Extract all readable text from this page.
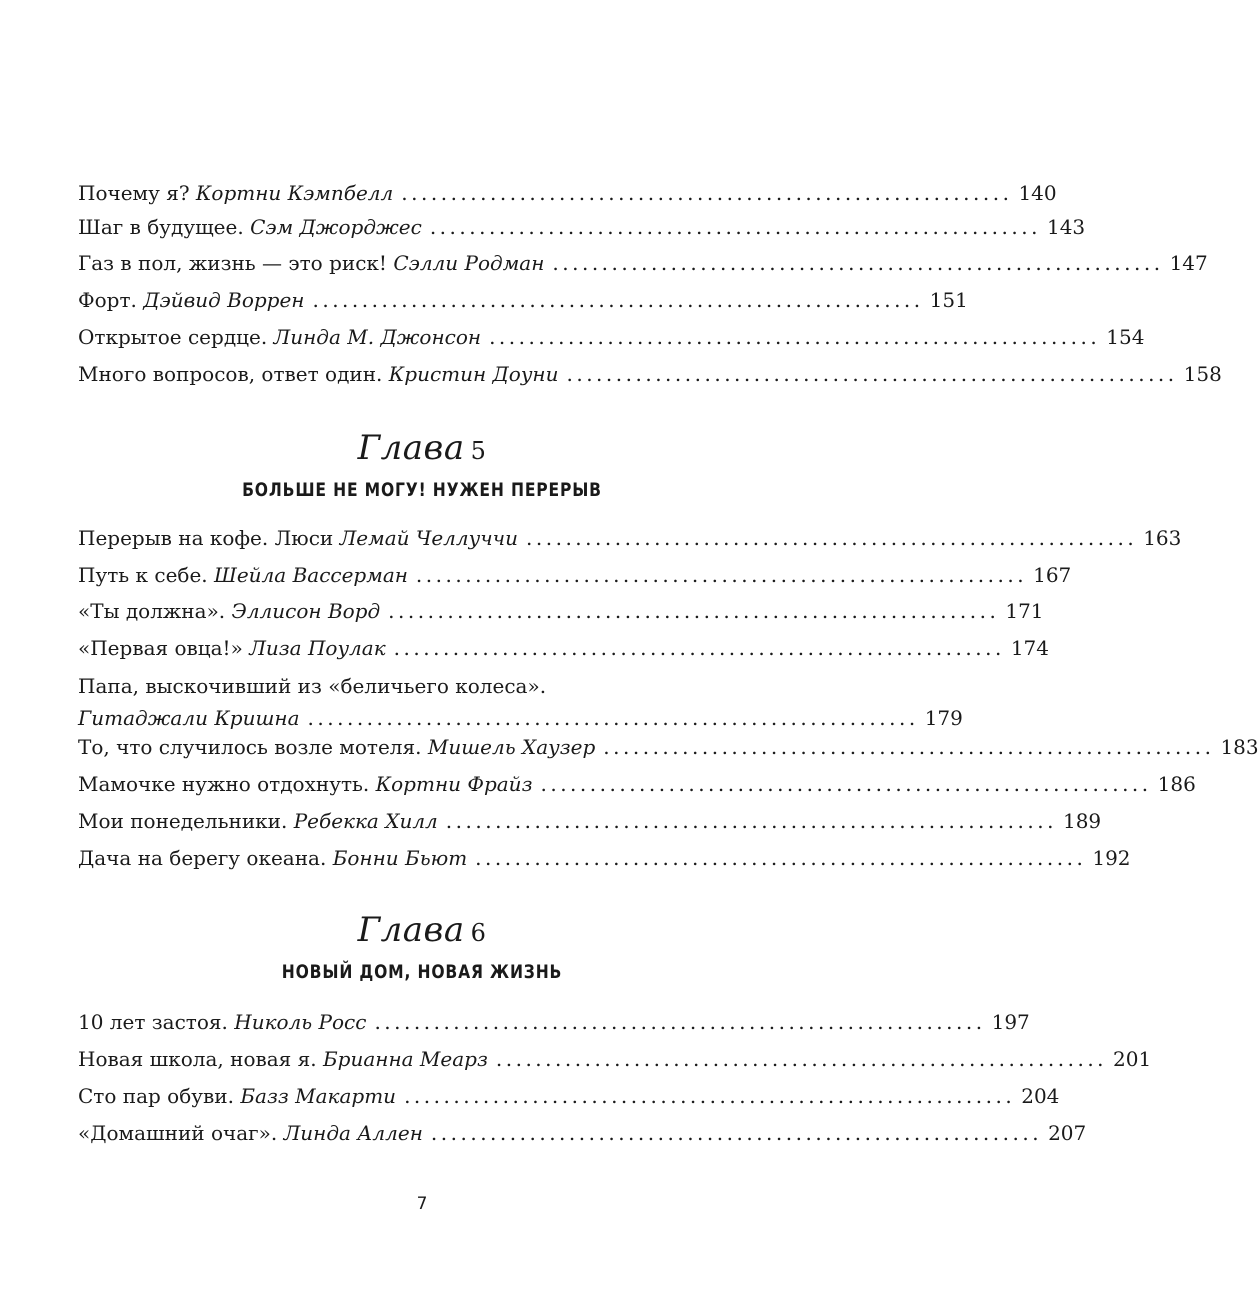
Почему я? Кортни Кэмпбелл .............................................................. 140
Шаг в будущее. Сэм Джорджес .............................................................. 143
Газ в пол, жизнь — это риск! Сэлли Родман .............................................................. 147
Форт. Дэйвид Воррен .............................................................. 151
Открытое сердце. Линда М. Джонсон .............................................................. 154
Много вопросов, ответ один. Кристин Доуни .............................................................. 158
Глава 5
БОЛЬШЕ НЕ МОГУ! НУЖЕН ПЕРЕРЫВ
Перерыв на кофе. Люси Лемай Челлуччи .............................................................. 163
Путь к себе. Шейла Вассерман .............................................................. 167
«Ты должна». Эллисон Ворд .............................................................. 171
«Первая овца!» Лиза Поулак .............................................................. 174
Папа, выскочивший из «беличьего колеса».
Гитаджали Кришна .............................................................. 179
То, что случилось возле мотеля. Мишель Хаузер .............................................................. 183
Мамочке нужно отдохнуть. Кортни Фрайз .............................................................. 186
Мои понедельники. Ребекка Хилл .............................................................. 189
Дача на берегу океана. Бонни Бьют .............................................................. 192
Глава 6
НОВЫЙ ДОМ, НОВАЯ ЖИЗНЬ
10 лет застоя. Николь Росс .............................................................. 197
Новая школа, новая я. Брианна Меарз .............................................................. 201
Сто пар обуви. Базз Макарти .............................................................. 204
«Домашний очаг». Линда Аллен .............................................................. 207
7
